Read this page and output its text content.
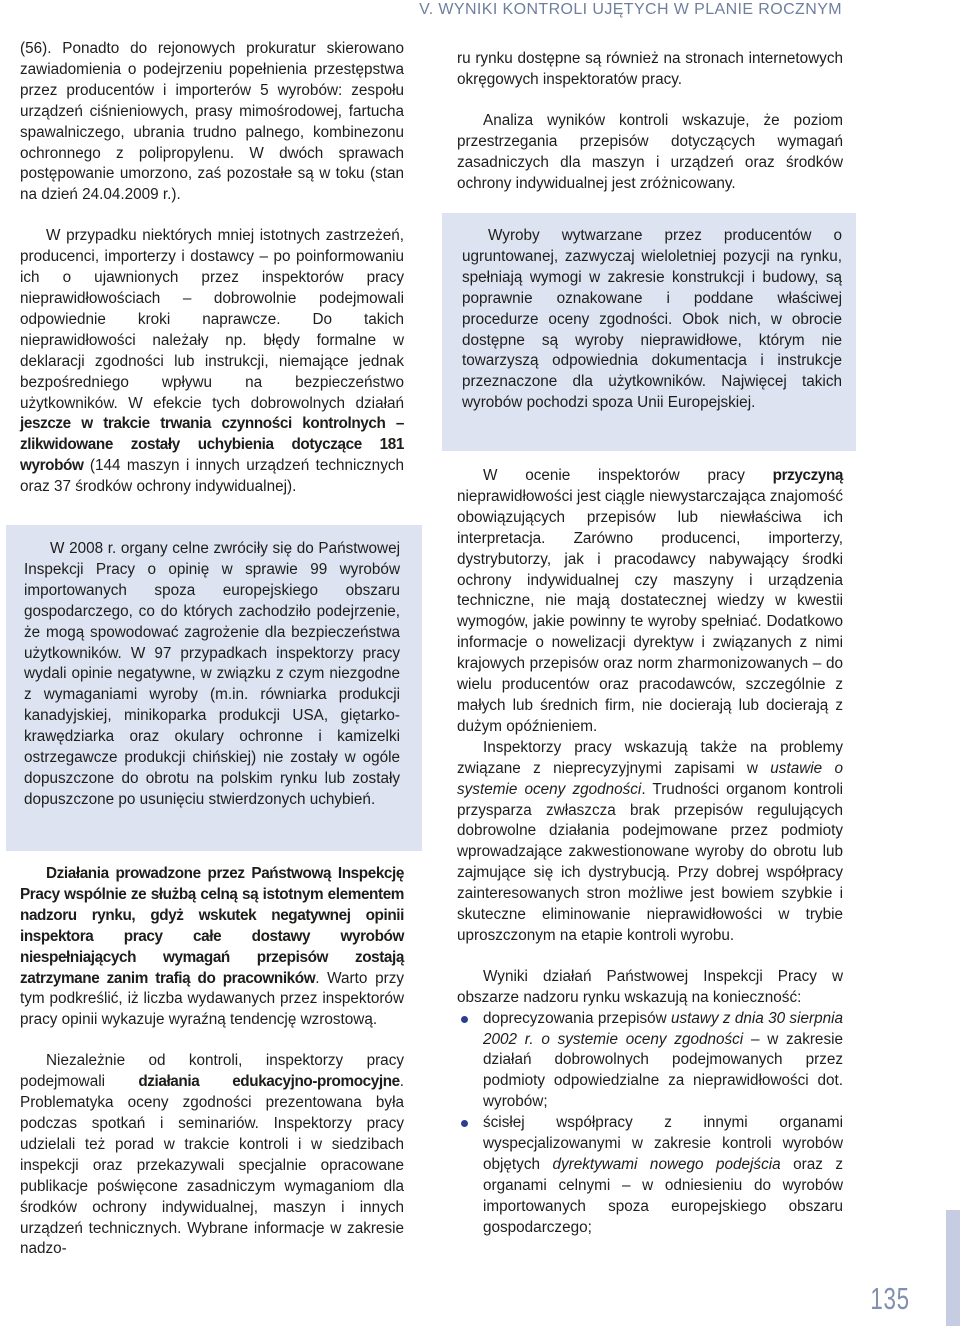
V. WYNIKI KONTROLI UJĘTYCH W PLANIE ROCZNYM

(56). Ponadto do rejonowych prokuratur skierowano zawiadomienia o podejrzeniu popełnienia przestępstwa przez producentów i importerów 5 wyrobów: zespołu urządzeń ciśnieniowych, prasy mimośrodowej, fartucha spawalniczego, ubrania trudno palnego, kombinezonu ochronnego z polipropylenu. W dwóch sprawach postępowanie umorzono, zaś pozostałe są w toku (stan na dzień 24.04.2009 r.).

W przypadku niektórych mniej istotnych zastrzeżeń, producenci, importerzy i dostawcy – po poinformowaniu ich o ujawnionych przez inspektorów pracy nieprawidłowościach – dobrowolnie podejmowali odpowiednie kroki naprawcze. Do takich nieprawidłowości należały np. błędy formalne w deklaracji zgodności lub instrukcji, niemające jednak bezpośredniego wpływu na bezpieczeństwo użytkowników. W efekcie tych dobrowolnych działań jeszcze w trakcie trwania czynności kontrolnych – zlikwidowane zostały uchybienia dotyczące 181 wyrobów (144 maszyn i innych urządzeń technicznych oraz 37 środków ochrony indywidualnej).

W 2008 r. organy celne zwróciły się do Państwowej Inspekcji Pracy o opinię w sprawie 99 wyrobów importowanych spoza europejskiego obszaru gospodarczego, co do których zachodziło podejrzenie, że mogą spowodować zagrożenie dla bezpieczeństwa użytkowników. W 97 przypadkach inspektorzy pracy wydali opinie negatywne, w związku z czym niezgodne z wymaganiami wyroby (m.in. równiarka produkcji kanadyjskiej, minikoparka produkcji USA, giętarko-krawędziarka oraz okulary ochronne i kamizelki ostrzegawcze produkcji chińskiej) nie zostały w ogóle dopuszczone do obrotu na polskim rynku lub zostały dopuszczone po usunięciu stwierdzonych uchybień.

Działania prowadzone przez Państwową Inspekcję Pracy wspólnie ze służbą celną są istotnym elementem nadzoru rynku, gdyż wskutek negatywnej opinii inspektora pracy całe dostawy wyrobów niespełniających wymagań przepisów zostają zatrzymane zanim trafią do pracowników. Warto przy tym podkreślić, iż liczba wydawanych przez inspektorów pracy opinii wykazuje wyraźną tendencję wzrostową.

Niezależnie od kontroli, inspektorzy pracy podejmowali działania edukacyjno-promocyjne. Problematyka oceny zgodności prezentowana była podczas spotkań i seminariów. Inspektorzy pracy udzielali też porad w trakcie kontroli i w siedzibach inspekcji oraz przekazywali specjalnie opracowane publikacje poświęcone zasadniczym wymaganiom dla środków ochrony indywidualnej, maszyn i innych urządzeń technicznych. Wybrane informacje w zakresie nadzo-

ru rynku dostępne są również na stronach internetowych okręgowych inspektoratów pracy.

Analiza wyników kontroli wskazuje, że poziom przestrzegania przepisów dotyczących wymagań zasadniczych dla maszyn i urządzeń oraz środków ochrony indywidualnej jest zróżnicowany.

Wyroby wytwarzane przez producentów o ugruntowanej, zazwyczaj wieloletniej pozycji na rynku, spełniają wymogi w zakresie konstrukcji i budowy, są poprawnie oznakowane i poddane właściwej procedurze oceny zgodności. Obok nich, w obrocie dostępne są wyroby nieprawidłowe, którym nie towarzyszą odpowiednia dokumentacja i instrukcje przeznaczone dla użytkowników. Najwięcej takich wyrobów pochodzi spoza Unii Europejskiej.

W ocenie inspektorów pracy przyczyną nieprawidłowości jest ciągle niewystarczająca znajomość obowiązujących przepisów lub niewłaściwa ich interpretacja. Zarówno producenci, importerzy, dystrybutorzy, jak i pracodawcy nabywający środki ochrony indywidualnej czy maszyny i urządzenia techniczne, nie mają dostatecznej wiedzy w kwestii wymogów, jakie powinny te wyroby spełniać. Dodatkowo informacje o nowelizacji dyrektyw i związanych z nimi krajowych przepisów oraz norm zharmonizowanych – do wielu producentów oraz pracodawców, szczególnie z małych lub średnich firm, nie docierają lub docierają z dużym opóźnieniem.

Inspektorzy pracy wskazują także na problemy związane z nieprecyzyjnymi zapisami w ustawie o systemie oceny zgodności. Trudności organom kontroli przysparza zwłaszcza brak przepisów regulujących dobrowolne działania podejmowane przez podmioty wprowadzające zakwestionowane wyroby do obrotu lub zajmujące się ich dystrybucją. Przy dobrej współpracy zainteresowanych stron możliwe jest bowiem szybkie i skuteczne eliminowanie nieprawidłowości w trybie uproszczonym na etapie kontroli wyrobu.

Wyniki działań Państwowej Inspekcji Pracy w obszarze nadzoru rynku wskazują na konieczność:

doprecyzowania przepisów ustawy z dnia 30 sierpnia 2002 r. o systemie oceny zgodności – w zakresie działań dobrowolnych podejmowanych przez podmioty odpowiedzialne za nieprawidłowości dot. wyrobów;
ścisłej współpracy z innymi organami wyspecjalizowanymi w zakresie kontroli wyrobów objętych dyrektywami nowego podejścia oraz z organami celnymi – w odniesieniu do wyrobów importowanych spoza europejskiego obszaru gospodarczego;
135
